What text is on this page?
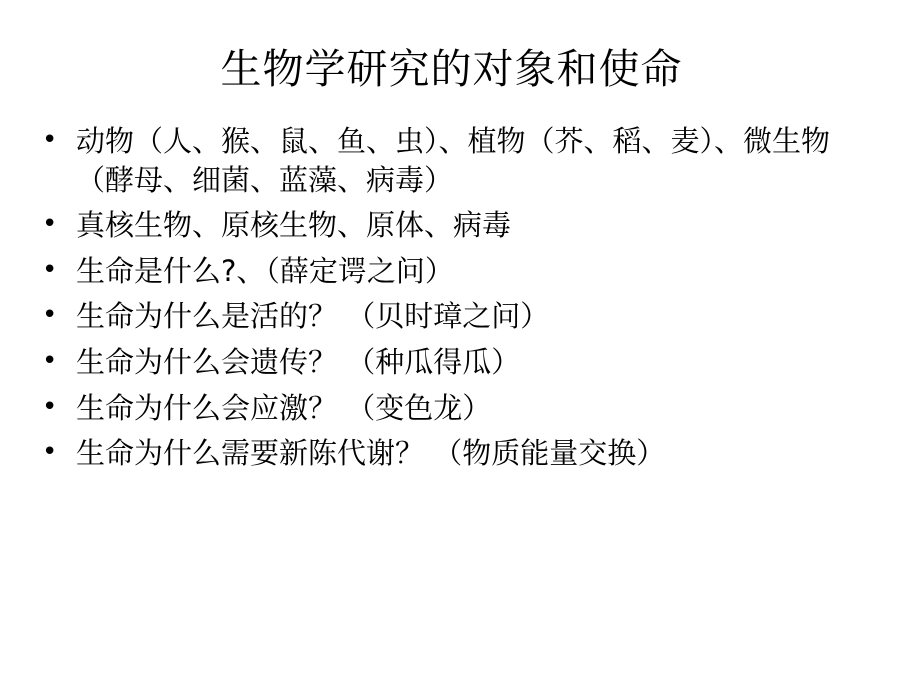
生物学研究的对象和使命
• 动物（人、猴、鼠、鱼、虫）、植物（芥、稻、麦）、微生物（酵母、细菌、蓝藻、病毒）
• 真核生物、原核生物、原体、病毒
• 生命是什么?、（薛定谔之问）
• 生命为什么是活的？ （贝时璋之问）
• 生命为什么会遗传？ （种瓜得瓜）
• 生命为什么会应激？ （变色龙）
• 生命为什么需要新陈代谢？ （物质能量交换）
